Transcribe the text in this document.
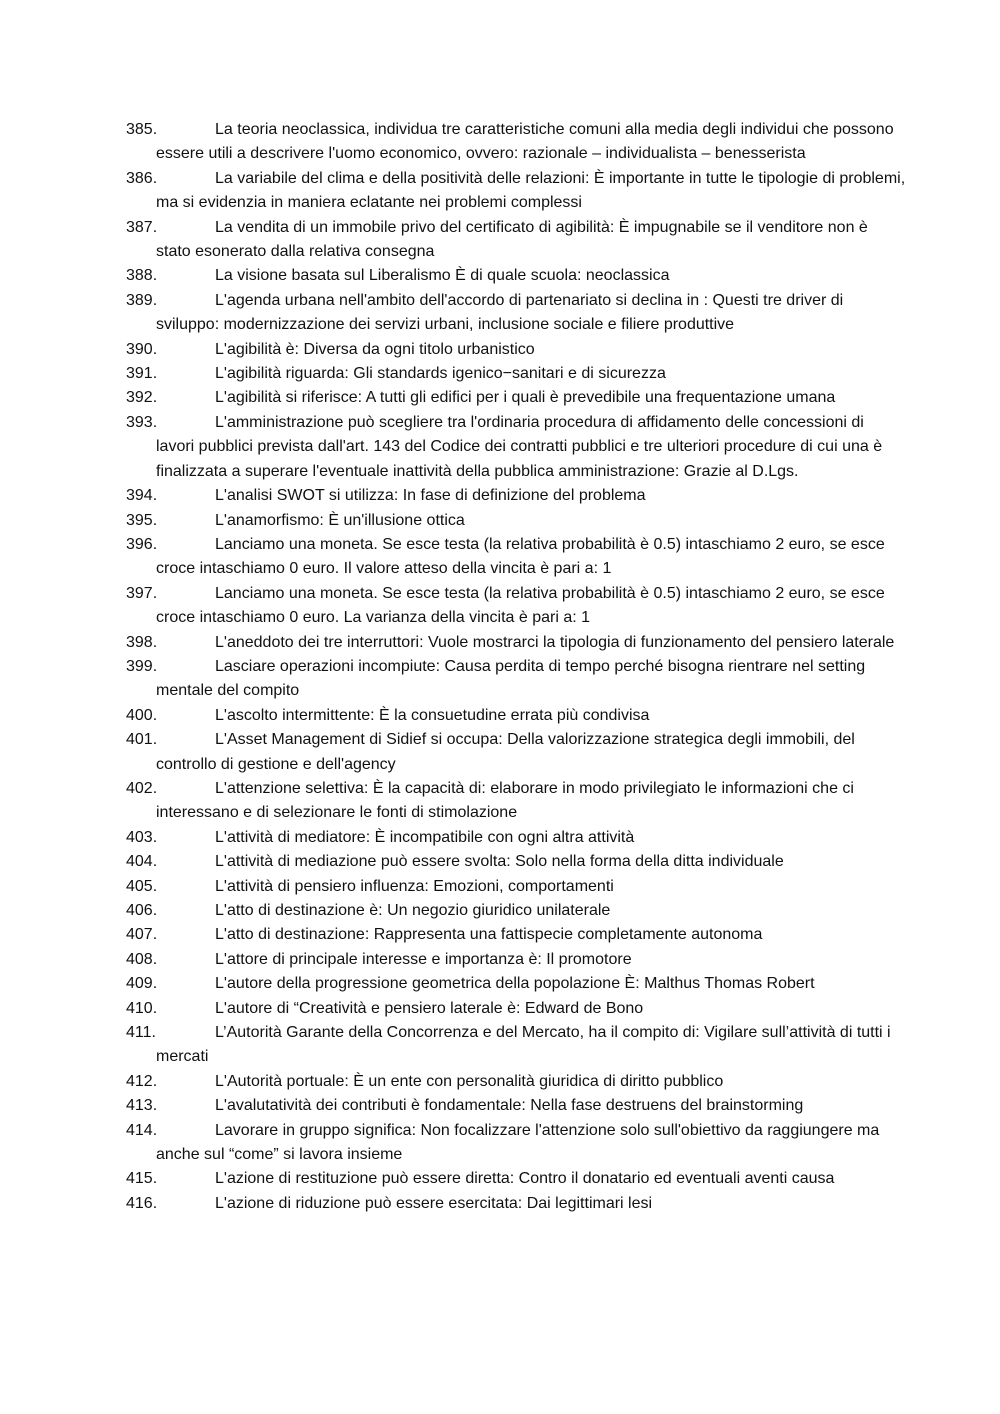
385.	La teoria neoclassica, individua tre caratteristiche comuni alla media degli individui che possono essere utili a descrivere l'uomo economico, ovvero: razionale – individualista – benesserista
386.	La variabile del clima e della positività delle relazioni: È importante in tutte le tipologie di problemi, ma si evidenzia in maniera eclatante nei problemi complessi
387.	La vendita di un immobile privo del certificato di agibilità: È impugnabile se il venditore non è stato esonerato dalla relativa consegna
388.	La visione basata sul Liberalismo È di quale scuola: neoclassica
389.	L'agenda urbana nell'ambito dell'accordo di partenariato si declina in : Questi tre driver di sviluppo: modernizzazione dei servizi urbani, inclusione sociale e filiere produttive
390.	L'agibilità è: Diversa da ogni titolo urbanistico
391.	L'agibilità riguarda: Gli standards igenico−sanitari e di sicurezza
392.	L'agibilità si riferisce: A tutti gli edifici per i quali è prevedibile una frequentazione umana
393.	L'amministrazione può scegliere tra l'ordinaria procedura di affidamento delle concessioni di lavori pubblici prevista dall'art. 143 del Codice dei contratti pubblici e tre ulteriori procedure di cui una è finalizzata a superare l'eventuale inattività della pubblica amministrazione: Grazie al D.Lgs.
394.	L'analisi SWOT si utilizza: In fase di definizione del problema
395.	L'anamorfismo: È un'illusione ottica
396.	Lanciamo una moneta. Se esce testa (la relativa probabilità è 0.5) intaschiamo 2 euro, se esce croce intaschiamo 0 euro. Il valore atteso della vincita è pari a: 1
397.	Lanciamo una moneta. Se esce testa (la relativa probabilità è 0.5) intaschiamo 2 euro, se esce croce intaschiamo 0 euro. La varianza della vincita è pari a: 1
398.	L'aneddoto dei tre interruttori: Vuole mostrarci la tipologia di funzionamento del pensiero laterale
399.	Lasciare operazioni incompiute: Causa perdita di tempo perché bisogna rientrare nel setting mentale del compito
400.	L'ascolto intermittente: È la consuetudine errata più condivisa
401.	L'Asset Management di Sidief si occupa: Della valorizzazione strategica degli immobili, del controllo di gestione e dell'agency
402.	L'attenzione selettiva: È la capacità di: elaborare in modo privilegiato le informazioni che ci interessano e di selezionare le fonti di stimolazione
403.	L'attività di mediatore: È incompatibile con ogni altra attività
404.	L'attività di mediazione può essere svolta: Solo nella forma della ditta individuale
405.	L'attività di pensiero influenza: Emozioni, comportamenti
406.	L'atto di destinazione è: Un negozio giuridico unilaterale
407.	L'atto di destinazione: Rappresenta una fattispecie completamente autonoma
408.	L'attore di principale interesse e importanza è: Il promotore
409.	L'autore della progressione geometrica della popolazione È: Malthus Thomas Robert
410.	L'autore di “Creatività e pensiero laterale è: Edward de Bono
411.	L’Autorità Garante della Concorrenza e del Mercato, ha il compito di: Vigilare sull’attività di tutti i mercati
412.	L'Autorità portuale: È un ente con personalità giuridica di diritto pubblico
413.	L'avalutatività dei contributi è fondamentale: Nella fase destruens del brainstorming
414.	Lavorare in gruppo significa: Non focalizzare l'attenzione solo sull'obiettivo da raggiungere ma anche sul “come” si lavora insieme
415.	L'azione di restituzione può essere diretta: Contro il donatario ed eventuali aventi causa
416.	L'azione di riduzione può essere esercitata: Dai legittimari lesi
